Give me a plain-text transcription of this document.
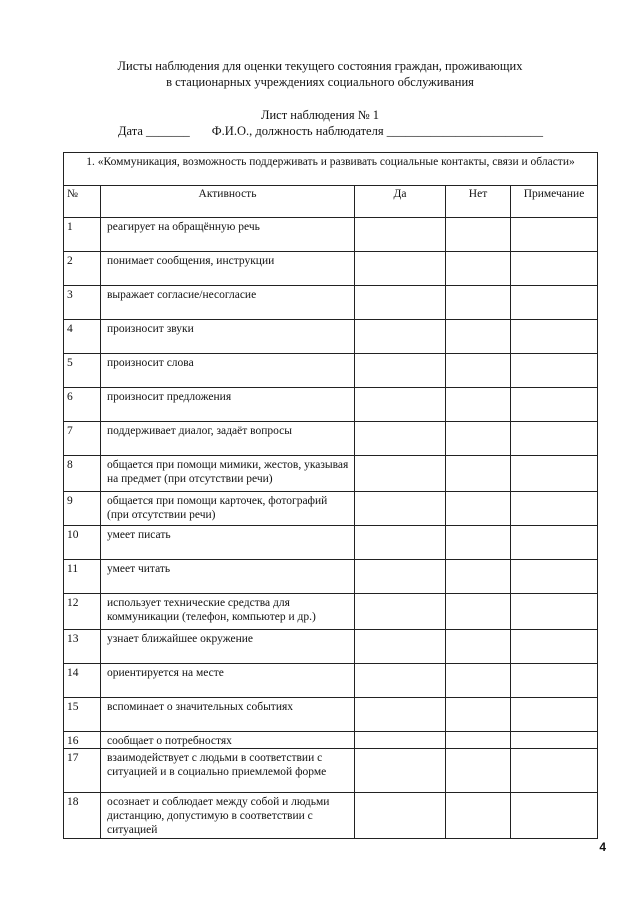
Листы наблюдения для оценки текущего состояния граждан, проживающих
в стационарных учреждениях социального обслуживания
Лист наблюдения № 1
Дата _______ Ф.И.О., должность наблюдателя _________________________
1. «Коммуникация, возможность поддерживать и развивать социальные контакты, связи и области»				
№	Активность	Да	Нет	Примечание
1	реагирует на обращённую речь			
2	понимает сообщения, инструкции			
3	выражает согласие/несогласие			
4	произносит звуки			
5	произносит слова			
6	произносит предложения			
7	поддерживает диалог, задаёт вопросы			
8	общается при помощи мимики, жестов, указывая на предмет (при отсутствии речи)			
9	общается при помощи карточек, фотографий (при отсутствии речи)			
10	умеет писать			
11	умеет читать			
12	использует технические средства для коммуникации (телефон, компьютер и др.)			
13	узнает ближайшее окружение			
14	ориентируется на месте			
15	вспоминает о значительных событиях			
16	сообщает о потребностях			
17	взаимодействует с людьми в соответствии с ситуацией и в социально приемлемой форме			
18	осознает и соблюдает между собой и людьми дистанцию, допустимую в соответствии с ситуацией			
4
